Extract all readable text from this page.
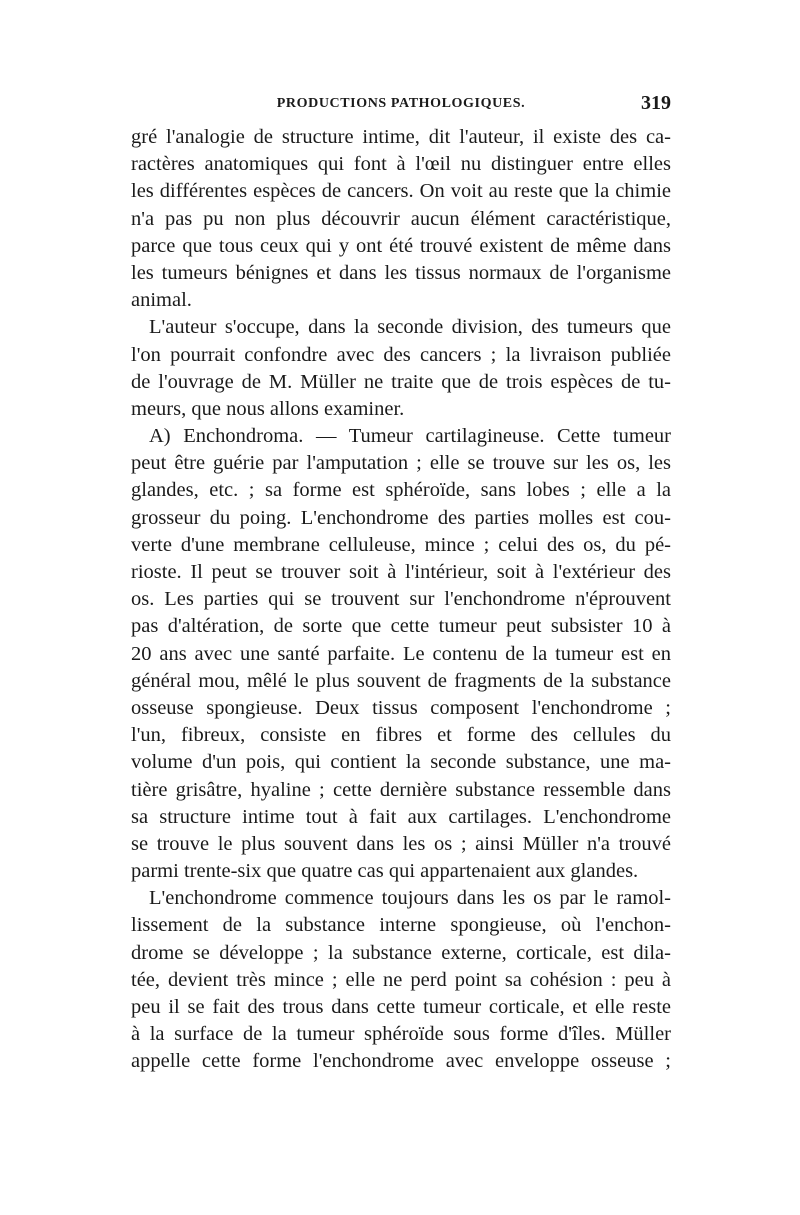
PRODUCTIONS PATHOLOGIQUES.	319
gré l'analogie de structure intime, dit l'auteur, il existe des ca-
ractères anatomiques qui font à l'œil nu distinguer entre elles
les différentes espèces de cancers. On voit au reste que la chimie
n'a pas pu non plus découvrir aucun élément caractéristique,
parce que tous ceux qui y ont été trouvé existent de même dans
les tumeurs bénignes et dans les tissus normaux de l'organisme
animal.
L'auteur s'occupe, dans la seconde division, des tumeurs que
l'on pourrait confondre avec des cancers ; la livraison publiée
de l'ouvrage de M. Müller ne traite que de trois espèces de tu-
meurs, que nous allons examiner.
A) Enchondroma. — Tumeur cartilagineuse. Cette tumeur
peut être guérie par l'amputation ; elle se trouve sur les os, les
glandes, etc. ; sa forme est sphéroïde, sans lobes ; elle a la
grosseur du poing. L'enchondrome des parties molles est cou-
verte d'une membrane celluleuse, mince ; celui des os, du pé-
rioste. Il peut se trouver soit à l'intérieur, soit à l'extérieur des
os. Les parties qui se trouvent sur l'enchondrome n'éprouvent
pas d'altération, de sorte que cette tumeur peut subsister 10 à
20 ans avec une santé parfaite. Le contenu de la tumeur est en
général mou, mêlé le plus souvent de fragments de la substance
osseuse spongieuse. Deux tissus composent l'enchondrome ;
l'un, fibreux, consiste en fibres et forme des cellules du
volume d'un pois, qui contient la seconde substance, une ma-
tière grisâtre, hyaline ; cette dernière substance ressemble dans
sa structure intime tout à fait aux cartilages. L'enchondrome
se trouve le plus souvent dans les os ; ainsi Müller n'a trouvé
parmi trente-six que quatre cas qui appartenaient aux glandes.
L'enchondrome commence toujours dans les os par le ramol-
lissement de la substance interne spongieuse, où l'enchon-
drome se développe ; la substance externe, corticale, est dila-
tée, devient très mince ; elle ne perd point sa cohésion : peu à
peu il se fait des trous dans cette tumeur corticale, et elle reste
à la surface de la tumeur sphéroïde sous forme d'îles. Müller
appelle cette forme l'enchondrome avec enveloppe osseuse ;
